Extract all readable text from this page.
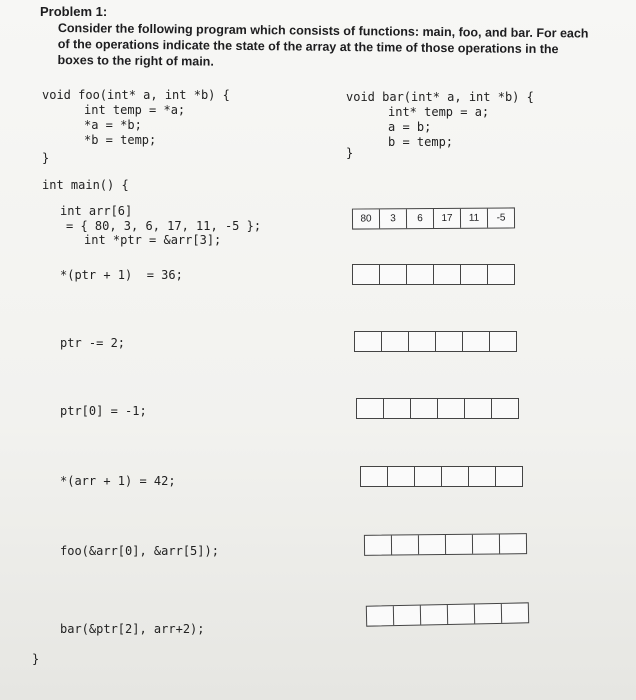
Problem 1:
Consider the following program which consists of functions: main, foo, and bar. For each of the operations indicate the state of the array at the time of those operations in the boxes to the right of main.
void foo(int* a, int *b) {
int temp = *a;
*a = *b;
*b = temp;
}
void bar(int* a, int *b) {
int* temp = a;
a = b;
b = temp;
}
int main() {
int arr[6]
= { 80, 3, 6, 17, 11, -5 };
int *ptr = &arr[3];
*(ptr + 1)  = 36;
ptr -= 2;
ptr[0] = -1;
*(arr + 1) = 42;
foo(&arr[0], &arr[5]);
bar(&ptr[2], arr+2);
}
80	3	6	17	11	-5
